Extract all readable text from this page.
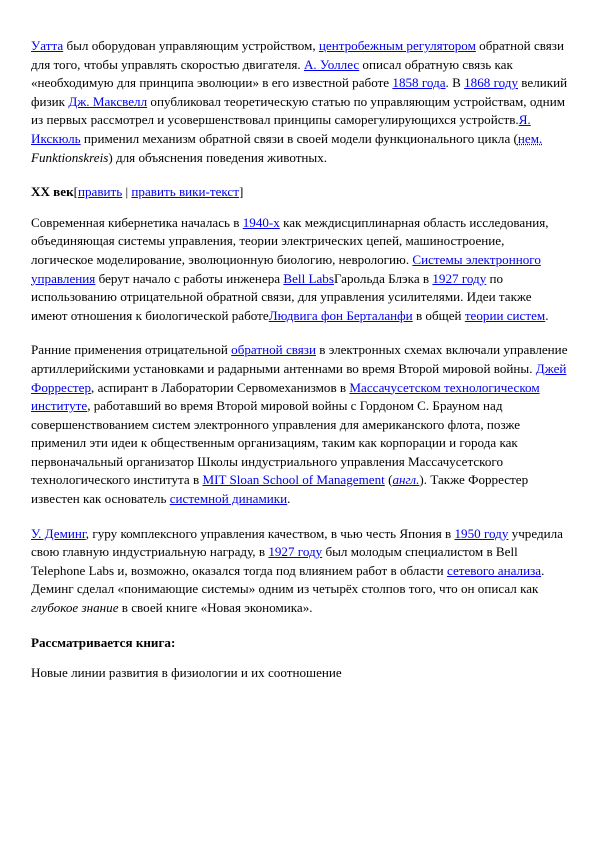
Уатта был оборудован управляющим устройством, центробежным регулятором обратной связи для того, чтобы управлять скоростью двигателя. А. Уоллес описал обратную связь как «необходимую для принципа эволюции» в его известной работе 1858 года. В 1868 году великий физик Дж. Максвелл опубликовал теоретическую статью по управляющим устройствам, одним из первых рассмотрел и усовершенствовал принципы саморегулирующихся устройств.Я. Икскюль применил механизм обратной связи в своей модели функционального цикла (нем. Funktionskreis) для объяснения поведения животных.

XX век[править | править вики-текст]

Современная кибернетика началась в 1940-х как междисциплинарная область исследования, объединяющая системы управления, теории электрических цепей, машиностроение, логическое моделирование, эволюционную биологию, неврологию. Системы электронного управления берут начало с работы инженера Bell LabsГарольда Блэка в 1927 году по использованию отрицательной обратной связи, для управления усилителями. Идеи также имеют отношения к биологической работеЛюдвига фон Берталанфи в общей теории систем.

Ранние применения отрицательной обратной связи в электронных схемах включали управление артиллерийскими установками и радарными антеннами во время Второй мировой войны. Джей Форрестер, аспирант в Лаборатории Сервомеханизмов в Массачусетском технологическом институте, работавший во время Второй мировой войны с Гордоном С. Брауном над совершенствованием систем электронного управления для американского флота, позже применил эти идеи к общественным организациям, таким как корпорации и города как первоначальный организатор Школы индустриального управления Массачусетского технологического института в MIT Sloan School of Management (англ.). Также Форрестер известен как основатель системной динамики.

У. Деминг, гуру комплексного управления качеством, в чью честь Япония в 1950 году учредила свою главную индустриальную награду, в 1927 году был молодым специалистом в Bell Telephone Labs и, возможно, оказался тогда под влиянием работ в области сетевого анализа. Деминг сделал «понимающие системы» одним из четырёх столпов того, что он описал как глубокое знание в своей книге «Новая экономика».

Рассматривается книга:

Новые линии развития в физиологии и их соотношение
